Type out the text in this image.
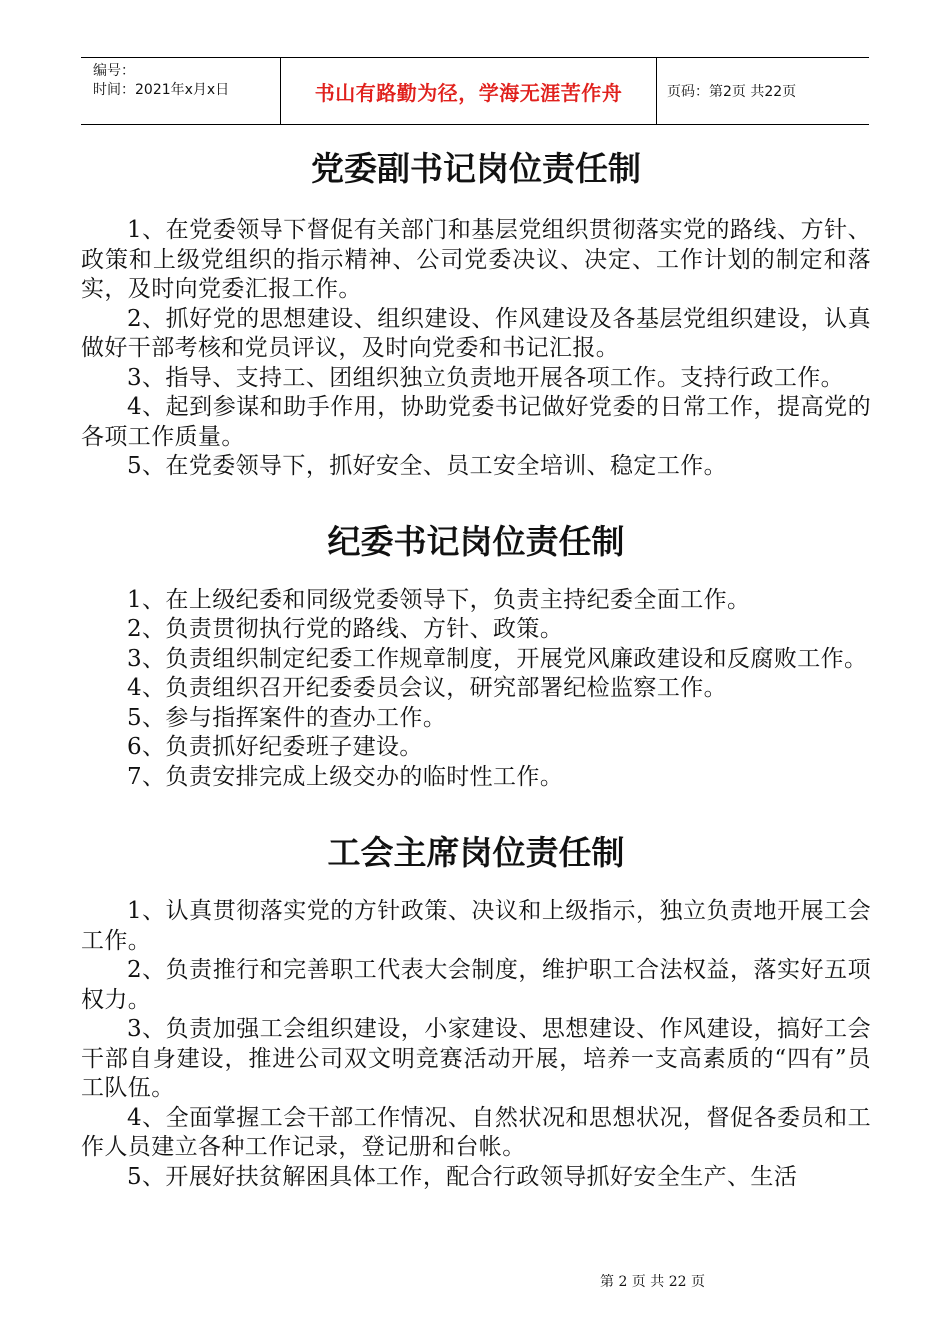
编号：
时间：2021年x月x日	书山有路勤为径，学海无涯苦作舟	页码：第2页 共22页
党委副书记岗位责任制

1、在党委领导下督促有关部门和基层党组织贯彻落实党的路线、方针、政策和上级党组织的指示精神、公司党委决议、决定、工作计划的制定和落实，及时向党委汇报工作。

2、抓好党的思想建设、组织建设、作风建设及各基层党组织建设，认真做好干部考核和党员评议，及时向党委和书记汇报。

3、指导、支持工、团组织独立负责地开展各项工作。支持行政工作。

4、起到参谋和助手作用，协助党委书记做好党委的日常工作，提高党的各项工作质量。

5、在党委领导下，抓好安全、员工安全培训、稳定工作。

纪委书记岗位责任制

1、在上级纪委和同级党委领导下，负责主持纪委全面工作。

2、负责贯彻执行党的路线、方针、政策。

3、负责组织制定纪委工作规章制度，开展党风廉政建设和反腐败工作。

4、负责组织召开纪委委员会议，研究部署纪检监察工作。

5、参与指挥案件的查办工作。

6、负责抓好纪委班子建设。

7、负责安排完成上级交办的临时性工作。

工会主席岗位责任制

1、认真贯彻落实党的方针政策、决议和上级指示，独立负责地开展工会工作。

2、负责推行和完善职工代表大会制度，维护职工合法权益，落实好五项权力。

3、负责加强工会组织建设，小家建设、思想建设、作风建设，搞好工会干部自身建设，推进公司双文明竞赛活动开展，培养一支高素质的“四有”员工队伍。

4、全面掌握工会干部工作情况、自然状况和思想状况，督促各委员和工作人员建立各种工作记录，登记册和台帐。

5、开展好扶贫解困具体工作，配合行政领导抓好安全生产、生活

第 2 页 共 22 页
